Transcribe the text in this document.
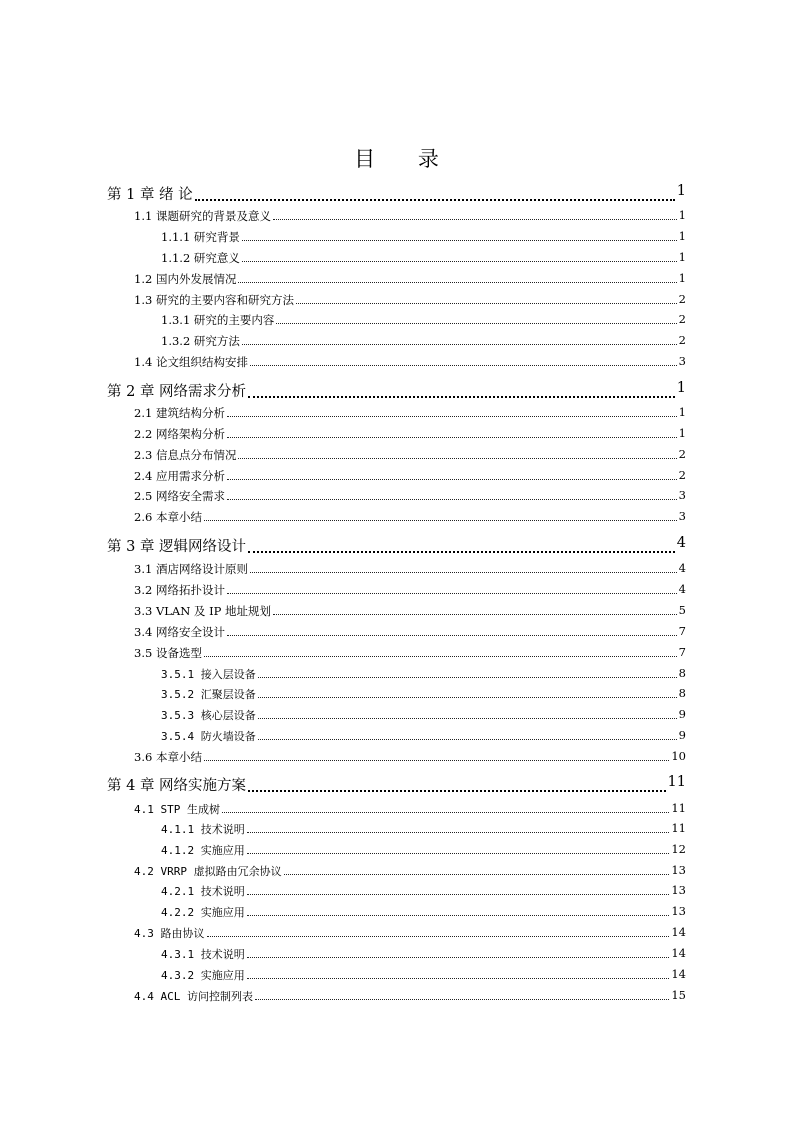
目 录
第 1 章 绪 论	1
1.1 课题研究的背景及意义	1
1.1.1 研究背景	1
1.1.2 研究意义	1
1.2 国内外发展情况	1
1.3 研究的主要内容和研究方法	2
1.3.1 研究的主要内容	2
1.3.2 研究方法	2
1.4 论文组织结构安排	3
第 2 章 网络需求分析	1
2.1 建筑结构分析	1
2.2 网络架构分析	1
2.3 信息点分布情况	2
2.4 应用需求分析	2
2.5 网络安全需求	3
2.6 本章小结	3
第 3 章 逻辑网络设计	4
3.1 酒店网络设计原则	4
3.2 网络拓扑设计	4
3.3 VLAN 及 IP 地址规划	5
3.4 网络安全设计	7
3.5 设备选型	7
3.5.1 接入层设备	8
3.5.2 汇聚层设备	8
3.5.3 核心层设备	9
3.5.4 防火墙设备	9
3.6 本章小结	10
第 4 章 网络实施方案	11
4.1 STP 生成树	11
4.1.1 技术说明	11
4.1.2 实施应用	12
4.2 VRRP 虚拟路由冗余协议	13
4.2.1 技术说明	13
4.2.2 实施应用	13
4.3 路由协议	14
4.3.1 技术说明	14
4.3.2 实施应用	14
4.4 ACL 访问控制列表	15
